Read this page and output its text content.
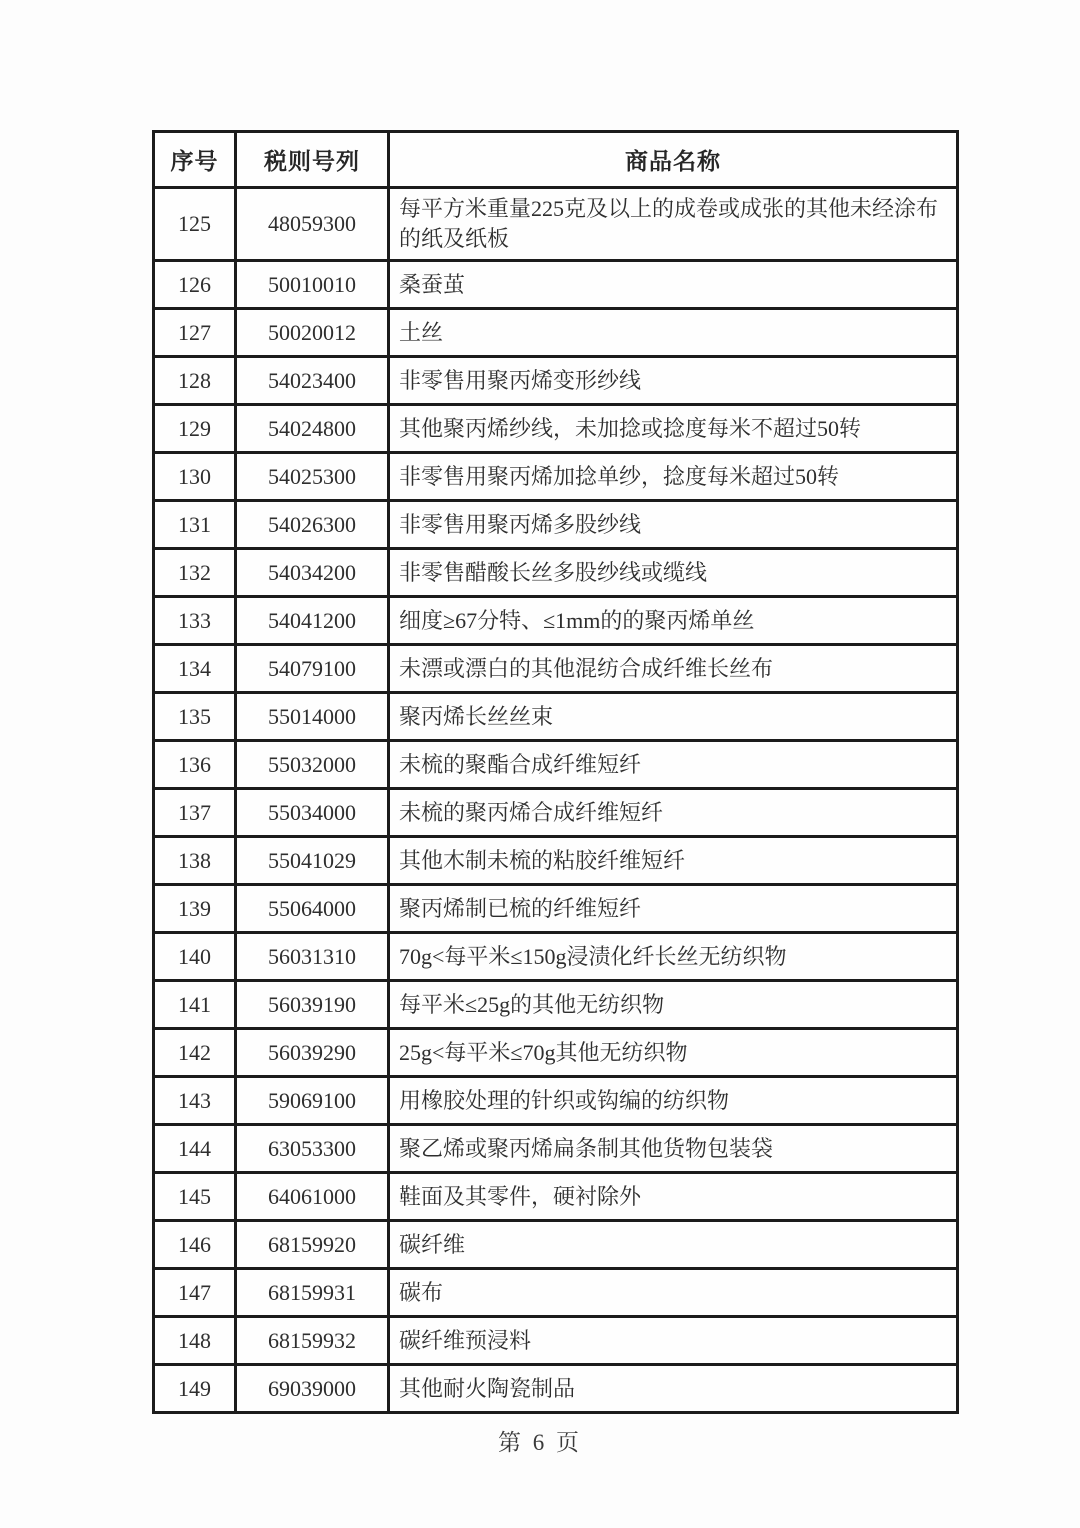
序号	税则号列	商品名称
125	48059300	每平方米重量225克及以上的成卷或成张的其他未经涂布的纸及纸板
126	50010010	桑蚕茧
127	50020012	土丝
128	54023400	非零售用聚丙烯变形纱线
129	54024800	其他聚丙烯纱线，未加捻或捻度每米不超过50转
130	54025300	非零售用聚丙烯加捻单纱，捻度每米超过50转
131	54026300	非零售用聚丙烯多股纱线
132	54034200	非零售醋酸长丝多股纱线或缆线
133	54041200	细度≥67分特、≤1mm的的聚丙烯单丝
134	54079100	未漂或漂白的其他混纺合成纤维长丝布
135	55014000	聚丙烯长丝丝束
136	55032000	未梳的聚酯合成纤维短纤
137	55034000	未梳的聚丙烯合成纤维短纤
138	55041029	其他木制未梳的粘胶纤维短纤
139	55064000	聚丙烯制已梳的纤维短纤
140	56031310	70g<每平米≤150g浸渍化纤长丝无纺织物
141	56039190	每平米≤25g的其他无纺织物
142	56039290	25g<每平米≤70g其他无纺织物
143	59069100	用橡胶处理的针织或钩编的纺织物
144	63053300	聚乙烯或聚丙烯扁条制其他货物包装袋
145	64061000	鞋面及其零件，硬衬除外
146	68159920	碳纤维
147	68159931	碳布
148	68159932	碳纤维预浸料
149	69039000	其他耐火陶瓷制品
第 6 页
